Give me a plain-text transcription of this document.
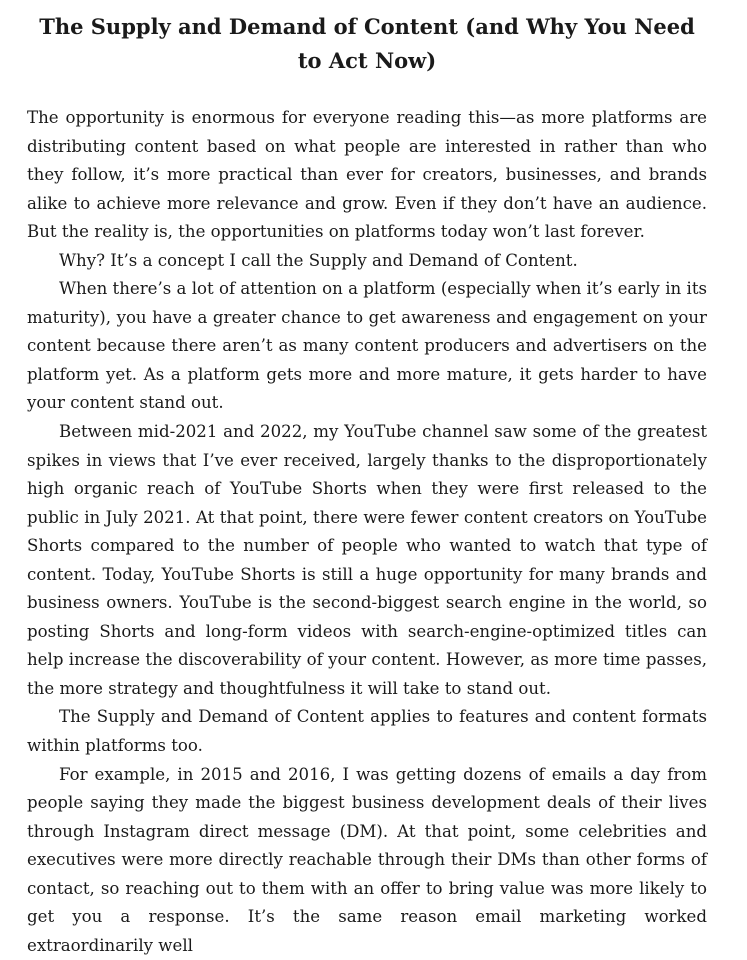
The Supply and Demand of Content (and Why You Need to Act Now)

The opportunity is enormous for everyone reading this—as more platforms are distributing content based on what people are interested in rather than who they follow, it’s more practical than ever for creators, businesses, and brands alike to achieve more relevance and grow. Even if they don’t have an audience. But the reality is, the opportunities on platforms today won’t last forever.

Why? It’s a concept I call the Supply and Demand of Content.

When there’s a lot of attention on a platform (especially when it’s early in its maturity), you have a greater chance to get awareness and engagement on your content because there aren’t as many content producers and advertisers on the platform yet. As a platform gets more and more mature, it gets harder to have your content stand out.

Between mid-2021 and 2022, my YouTube channel saw some of the greatest spikes in views that I’ve ever received, largely thanks to the disproportionately high organic reach of YouTube Shorts when they were first released to the public in July 2021. At that point, there were fewer content creators on YouTube Shorts compared to the number of people who wanted to watch that type of content. Today, YouTube Shorts is still a huge opportunity for many brands and business owners. YouTube is the second-biggest search engine in the world, so posting Shorts and long-form videos with search-engine-optimized titles can help increase the discoverability of your content. However, as more time passes, the more strategy and thoughtfulness it will take to stand out.

The Supply and Demand of Content applies to features and content formats within platforms too.

For example, in 2015 and 2016, I was getting dozens of emails a day from people saying they made the biggest business development deals of their lives through Instagram direct message (DM). At that point, some celebrities and executives were more directly reachable through their DMs than other forms of contact, so reaching out to them with an offer to bring value was more likely to get you a response. It’s the same reason email marketing worked extraordinarily well
